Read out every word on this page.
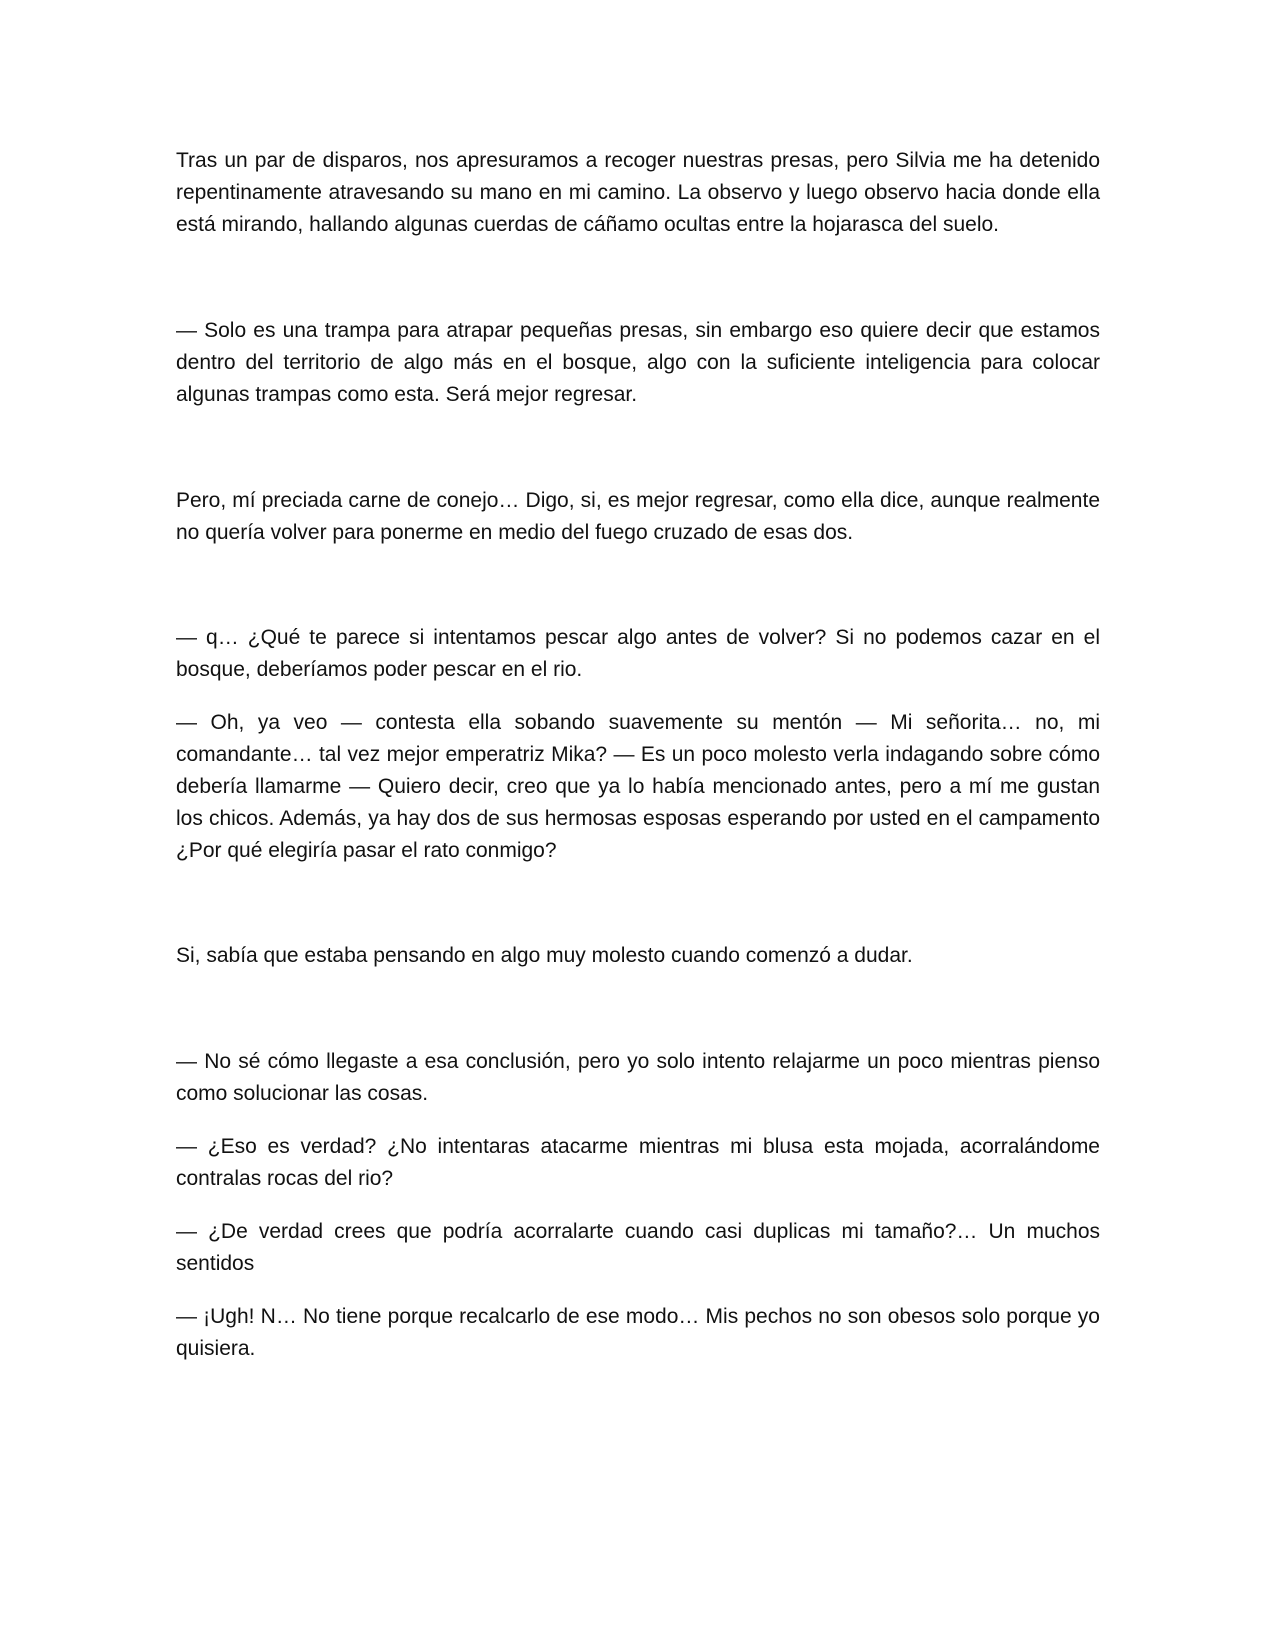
Tras un par de disparos, nos apresuramos a recoger nuestras presas, pero Silvia me ha detenido repentinamente atravesando su mano en mi camino. La observo y luego observo hacia donde ella está mirando, hallando algunas cuerdas de cáñamo ocultas entre la hojarasca del suelo.

— Solo es una trampa para atrapar pequeñas presas, sin embargo eso quiere decir que estamos dentro del territorio de algo más en el bosque, algo con la suficiente inteligencia para colocar algunas trampas como esta. Será mejor regresar.

Pero, mí preciada carne de conejo… Digo, si, es mejor regresar, como ella dice, aunque realmente no quería volver para ponerme en medio del fuego cruzado de esas dos.

— q… ¿Qué te parece si intentamos pescar algo antes de volver? Si no podemos cazar en el bosque, deberíamos poder pescar en el rio.

— Oh, ya veo — contesta ella sobando suavemente su mentón — Mi señorita… no, mi comandante… tal vez mejor emperatriz Mika? — Es un poco molesto verla indagando sobre cómo debería llamarme — Quiero decir, creo que ya lo había mencionado antes, pero a mí me gustan los chicos. Además, ya hay dos de sus hermosas esposas esperando por usted en el campamento ¿Por qué elegiría pasar el rato conmigo?

Si, sabía que estaba pensando en algo muy molesto cuando comenzó a dudar.

— No sé cómo llegaste a esa conclusión, pero yo solo intento relajarme un poco mientras pienso como solucionar las cosas.

— ¿Eso es verdad? ¿No intentaras atacarme mientras mi blusa esta mojada, acorralándome contralas rocas del rio?

— ¿De verdad crees que podría acorralarte cuando casi duplicas mi tamaño?… Un muchos sentidos

— ¡Ugh! N… No tiene porque recalcarlo de ese modo… Mis pechos no son obesos solo porque yo quisiera.
